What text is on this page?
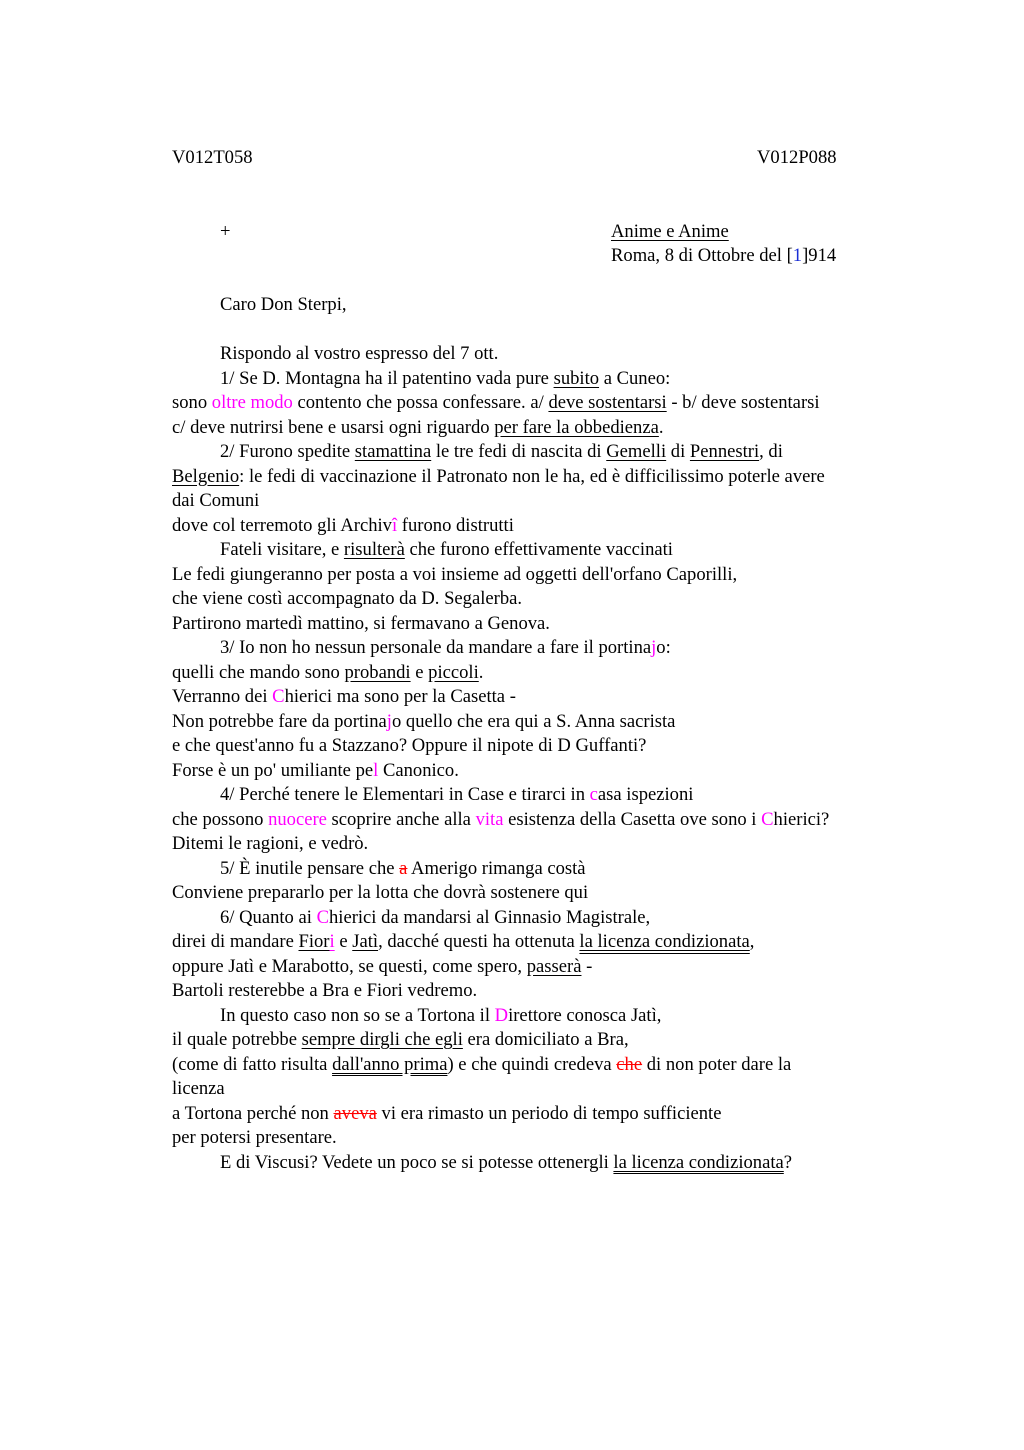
V012T058	V012P088
+	Anime e Anime
Roma, 8 di Ottobre del [1]914
Caro Don Sterpi,
Rispondo al vostro espresso del 7 ott.
1/ Se D. Montagna ha il patentino vada pure subito a Cuneo:
sono oltre modo contento che possa confessare. a/ deve sostentarsi - b/ deve sostentarsi
c/ deve nutrirsi bene e usarsi ogni riguardo per fare la obbedienza.
2/ Furono spedite stamattina le tre fedi di nascita di Gemelli di Pennestri, di
Belgenio: le fedi di vaccinazione il Patronato non le ha, ed è difficilissimo poterle avere
dai Comuni
dove col terremoto gli Archivî furono distrutti
Fateli visitare, e risulterà che furono effettivamente vaccinati
Le fedi giungeranno per posta a voi insieme ad oggetti dell'orfano Caporilli,
che viene costì accompagnato da D. Segalerba.
Partirono martedì mattino, si fermavano a Genova.
3/ Io non ho nessun personale da mandare a fare il portinajo:
quelli che mando sono probandi e piccoli.
Verranno dei Chierici ma sono per la Casetta -
Non potrebbe fare da portinajo quello che era qui a S. Anna sacrista
e che quest'anno fu a Stazzano? Oppure il nipote di D Guffanti?
Forse è un po' umiliante pel Canonico.
4/ Perché tenere le Elementari in Case e tirarci in casa ispezioni
che possono nuocere scoprire anche alla vita esistenza della Casetta ove sono i Chierici?
Ditemi le ragioni, e vedrò.
5/ È inutile pensare che a Amerigo rimanga costà
Conviene prepararlo per la lotta che dovrà sostenere qui
6/ Quanto ai Chierici da mandarsi al Ginnasio Magistrale,
direi di mandare Fiori e Jatì, dacché questi ha ottenuta la licenza condizionata,
oppure Jatì e Marabotto, se questi, come spero, passerà -
Bartoli resterebbe a Bra e Fiori vedremo.
In questo caso non so se a Tortona il Direttore conosca Jatì,
il quale potrebbe sempre dirgli che egli era domiciliato a Bra,
(come di fatto risulta dall'anno prima) e che quindi credeva che di non poter dare la
licenza
a Tortona perché non aveva vi era rimasto un periodo di tempo sufficiente
per potersi presentare.
E di Viscusi? Vedete un poco se si potesse ottenergli la licenza condizionata?
